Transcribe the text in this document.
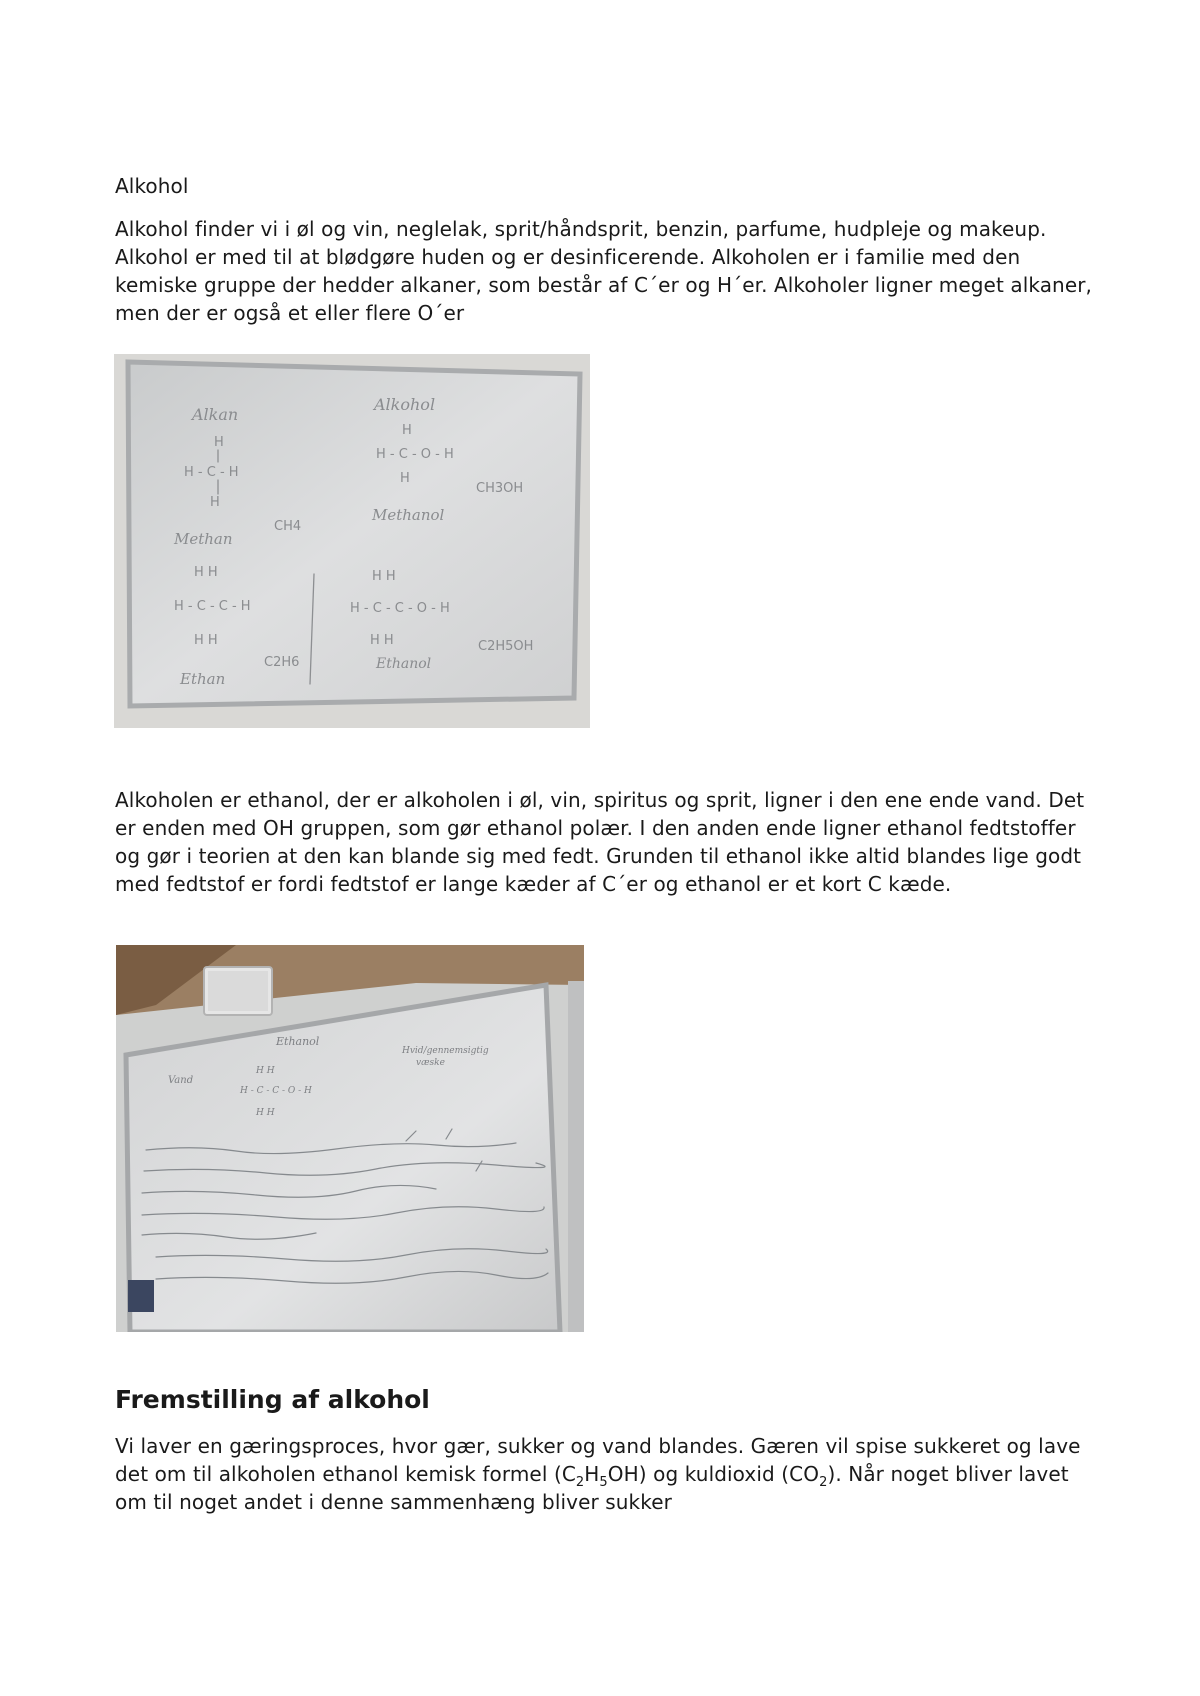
Alkohol
Alkohol finder vi i øl og vin, neglelak, sprit/håndsprit, benzin, parfume, hudpleje og makeup. Alkohol er med til at blødgøre huden og er desinficerende. Alkoholen er i familie med den kemiske gruppe der hedder alkaner, som består af C´er og H´er. Alkoholer ligner meget alkaner, men der er også et eller flere O´er
Alkan
H
H - C - H
H
Methan
CH4
Alkohol
H
H - C - O - H
H
Methanol
CH3OH
H H
H - C - C - H
H H
Ethan
C2H6
H H
H - C - C - O - H
H H
Ethanol
C2H5OH
Alkoholen er ethanol, der er alkoholen i øl, vin, spiritus og sprit, ligner i den ene ende vand. Det er enden med OH gruppen, som gør ethanol polær. I den anden ende ligner ethanol fedtstoffer og gør i teorien at den kan blande sig med fedt. Grunden til ethanol ikke altid blandes lige godt med fedtstof er fordi fedtstof er lange kæder af C´er og ethanol er et kort C kæde.
Ethanol
Hvid/gennemsigtig
væske
Vand
H H
H - C - C - O - H
H H
Fremstilling af alkohol
Vi laver en gæringsproces, hvor gær, sukker og vand blandes. Gæren vil spise sukkeret og lave det om til alkoholen ethanol kemisk formel $(C_2H_5OH)$ og kuldioxid $(CO_2)$. Når noget bliver lavet om til noget andet i denne sammenhæng bliver sukker
